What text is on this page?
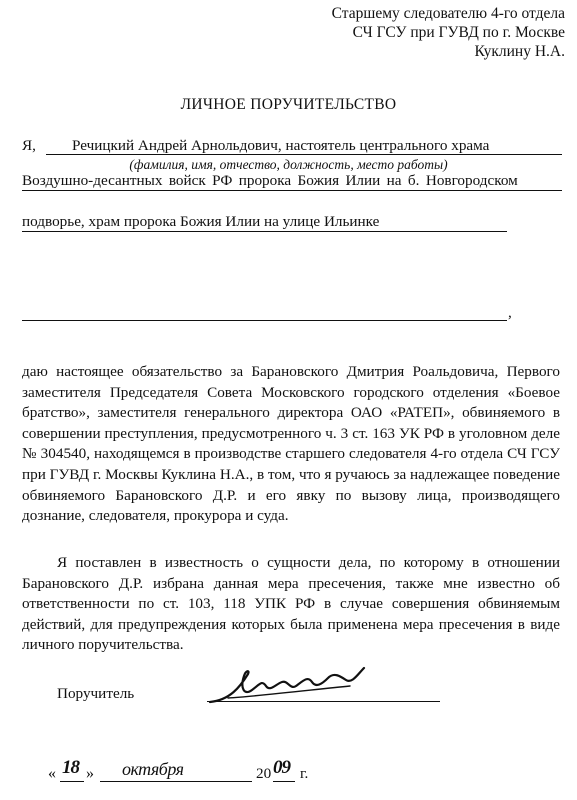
Старшему следователю 4-го отдела
СЧ ГСУ при ГУВД по г. Москве
Куклину Н.А.
ЛИЧНОЕ ПОРУЧИТЕЛЬСТВО
Я, Речицкий Андрей Арнольдович, настоятель центрального храма
(фамилия, имя, отчество, должность, место работы)
Воздушно-десантных войск РФ пророка Божия Илии на б. Новгородском
подворье, храм пророка Божия Илии на улице Ильинке
,
даю настоящее обязательство за Барановского Дмитрия Роальдовича, Первого заместителя Председателя Совета Московского городского отделения «Боевое братство», заместителя генерального директора ОАО «РАТЕП», обвиняемого в совершении преступления, предусмотренного ч. 3 ст. 163 УК РФ в уголовном деле № 304540, находящемся в производстве старшего следователя 4-го отдела СЧ ГСУ при ГУВД г. Москвы Куклина Н.А., в том, что я ручаюсь за надлежащее поведение обвиняемого Барановского Д.Р. и его явку по вызову лица, производящего дознание, следователя, прокурора и суда.
Я поставлен в известность о сущности дела, по которому в отношении Барановского Д.Р. избрана данная мера пресечения, также мне известно об ответственности по ст. 103, 118 УПК РФ в случае совершения обвиняемым действий, для предупреждения которых была применена мера пресечения в виде личного поручительства.
Поручитель
« 18 » октября	20 09 г.
